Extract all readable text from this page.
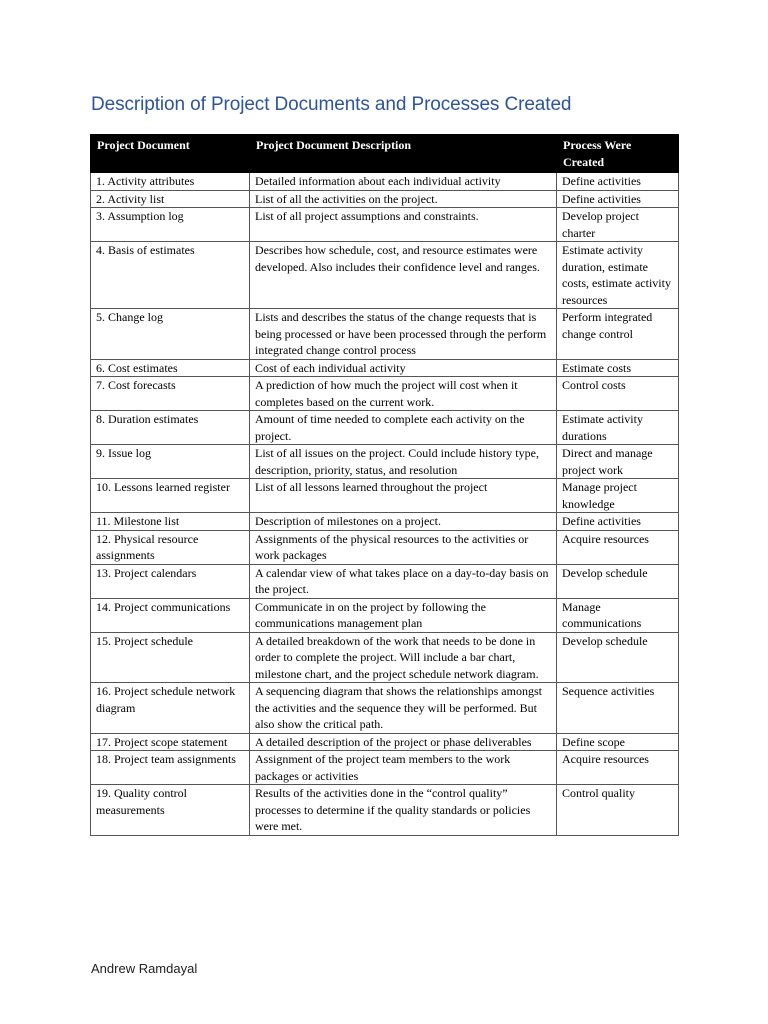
Description of Project Documents and Processes Created
Project Document	Project Document Description	Process Were Created
1. Activity attributes	Detailed information about each individual activity	Define activities
2. Activity list	List of all the activities on the project.	Define activities
3. Assumption log	List of all project assumptions and constraints.	Develop project charter
4. Basis of estimates	Describes how schedule, cost, and resource estimates were developed. Also includes their confidence level and ranges.	Estimate activity duration, estimate costs, estimate activity resources
5. Change log	Lists and describes the status of the change requests that is being processed or have been processed through the perform integrated change control process	Perform integrated change control
6. Cost estimates	Cost of each individual activity	Estimate costs
7. Cost forecasts	A prediction of how much the project will cost when it completes based on the current work.	Control costs
8. Duration estimates	Amount of time needed to complete each activity on the project.	Estimate activity durations
9. Issue log	List of all issues on the project. Could include history type, description, priority, status, and resolution	Direct and manage project work
10. Lessons learned register	List of all lessons learned throughout the project	Manage project knowledge
11. Milestone list	Description of milestones on a project.	Define activities
12. Physical resource assignments	Assignments of the physical resources to the activities or work packages	Acquire resources
13. Project calendars	A calendar view of what takes place on a day-to-day basis on the project.	Develop schedule
14. Project communications	Communicate in on the project by following the communications management plan	Manage communications
15. Project schedule	A detailed breakdown of the work that needs to be done in order to complete the project. Will include a bar chart, milestone chart, and the project schedule network diagram.	Develop schedule
16. Project schedule network diagram	A sequencing diagram that shows the relationships amongst the activities and the sequence they will be performed. But also show the critical path.	Sequence activities
17. Project scope statement	A detailed description of the project or phase deliverables	Define scope
18. Project team assignments	Assignment of the project team members to the work packages or activities	Acquire resources
19. Quality control measurements	Results of the activities done in the “control quality” processes to determine if the quality standards or policies were met.	Control quality
Andrew Ramdayal
